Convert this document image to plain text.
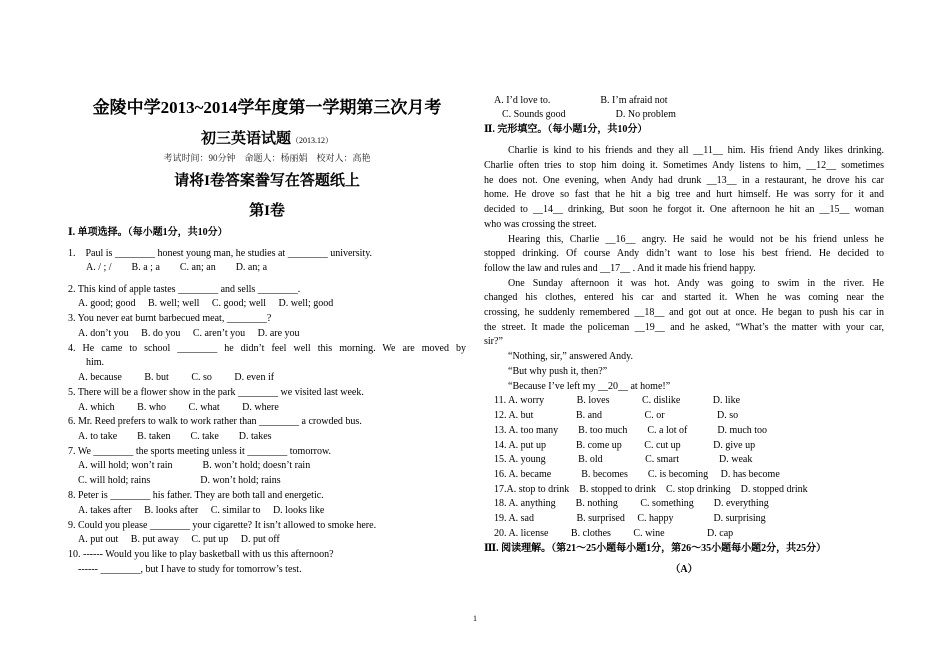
金陵中学2013~2014学年度第一学期第三次月考
初三英语试题（2013.12）
考试时间：90分钟　命题人：杨丽娟　校对人：高艳
请将I卷答案誊写在答题纸上
第I卷
Ⅰ. 单项选择。（每小题1分，共10分）
1.　Paul is ________ honest young man, he studies at ________ university.
A. / ; /　　B. a ; a　　C. an; an　　D. an; a
2. This kind of apple tastes ________ and sells ________.
A. good; good　 B. well; well　 C. good; well　 D. well; good
3. You never eat burnt barbecued meat, ________?
A. don’t you　 B. do you　 C. aren’t you　 D. are you
4. He came to school ________ he didn’t feel well this morning. We are moved by
him.
A. because　　 B. but　　 C. so　　 D. even if
5. There will be a flower show in the park ________ we visited last week.
A. which　　 B. who　　 C. what　　 D. where
6. Mr. Reed prefers to walk to work rather than ________ a crowded bus.
A. to take　　B. taken　　C. take　　D. takes
7. We ________ the sports meeting unless it ________ tomorrow.
A. will hold; won’t rain　　　B. won’t hold; doesn’t rain
C. will hold; rains　　　　　D. won’t hold; rains
8. Peter is ________ his father. They are both tall and energetic.
A. takes after　 B. looks after　 C. similar to　 D. looks like
9. Could you please ________ your cigarette? It isn’t allowed to smoke here.
A. put out　 B. put away　 C. put up　 D. put off
10. ------ Would you like to play basketball with us this afternoon?
------ ________, but I have to study for tomorrow’s test.
A. I’d love to.　　　　　B. I’m afraid not
C. Sounds good　　　　　D. No problem
Ⅱ. 完形填空。（每小题1分，共10分）
Charlie is kind to his friends and they all __11__ him. His friend Andy likes drinking.
Charlie often tries to stop him doing it. Sometimes Andy listens to him, __12__ sometimes
he does not. One evening, when Andy had drunk __13__ in a restaurant, he drove his car
home. He drove so fast that he hit a big tree and hurt himself. He was sorry for it and
decided to __14__ drinking, But soon he forgot it. One afternoon he hit an __15__ woman
who was crossing the street.
Hearing this, Charlie __16__ angry. He said he would not be his friend unless he
stopped drinking. Of course Andy didn’t want to lose his best friend. He decided to
follow the law and rules and __17__ . And it made his friend happy.
One Sunday afternoon it was hot. Andy was going to swim in the river. He
changed his clothes, entered his car and started it. When he was coming near the
crossing, he suddenly remembered __18__ and got out at once. He began to push his car in
the street. It made the policeman __19__ and he asked, “What’s the matter with your car,
sir?”
“Nothing, sir,” answered Andy.
“But why push it, then?”
“Because I’ve left my __20__ at home!”
11. A. worry　　　 B. loves　　　 C. dislike　　　 D. like
12. A. but　　　　 B. and　　　　 C. or　　　　　 D. so
13. A. too many　　B. too much　　C. a lot of　　　D. much too
14. A. put up　　　B. come up　　 C. cut up　　　 D. give up
15. A. young　　　 B. old　　　　 C. smart　　　　D. weak
16. A. became　　　B. becomes　　C. is becoming　 D. has become
17.A. stop to drink　B. stopped to drink　C. stop drinking　D. stopped drink
18. A. anything　　B. nothing　　 C. something　　D. everything
19. A. sad　　　　 B. surprised　 C. happy　　　　D. surprising
20. A. license　　 B. clothes　　 C. wine　　　　 D. cap
Ⅲ. 阅读理解。（第21～25小题每小题1分，第26～35小题每小题2分，共25分）
（A）
1
